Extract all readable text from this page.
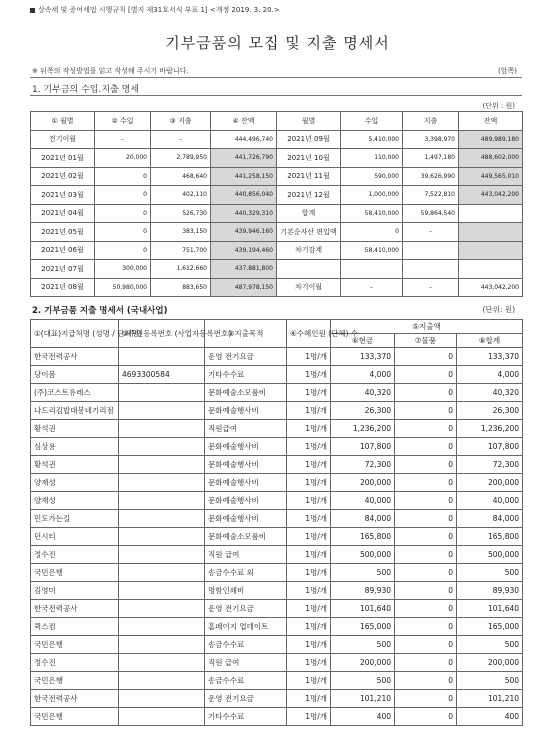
상속세 및 증여세법 시행규칙 [별지 제31호서식 부표 1] <개정 2019. 3. 20.>
기부금품의 모집 및 지출 명세서
※ 뒤쪽의 작성방법을 읽고 작성해 주시기 바랍니다.	(앞쪽)
1. 기부금의 수입.지출 명세
(단위 : 원)
① 월별	② 수입	③ 지출	④ 잔액	월별	수입	지출	잔액
전기이월	–	–	444,496,740	2021년 09월	5,410,000	3,398,970	489,989,180
2021년 01월	20,000	2,789,950	441,726,790	2021년 10월	110,000	1,497,180	488,602,000
2021년 02월	0	468,640	441,258,150	2021년 11월	590,000	39,626,990	449,565,010
2021년 03월	0	402,110	440,856,040	2021년 12월	1,000,000	7,522,810	443,042,200
2021년 04월	0	526,730	440,329,310	합계	58,410,000	59,864,540	
2021년 05월	0	383,150	439,946,160	기본순자산 편입액	0	–	
2021년 06월	0	751,700	439,194,460	차기감계	58,410,000		
2021년 07월	300,000	1,612,660	437,881,800				
2021년 08월	50,980,000	883,650	487,978,150	차기이월	–	–	443,042,200
2. 기부금품 지출 명세서 (국내사업)	(단위: 원)
①(대표)지급처명 (성명 / 단체명)	②주민등록번호 (사업자등록번호)	③지출목적	④수혜인원 (단체) 수	⑤지출액		
				⑥현금	⑦물품	⑧합계
한국전력공사		운영 전기요금	1명/개	133,370	0	133,370
당이봄	4693300584	기타수수료	1명/개	4,000	0	4,000
(주)코스트유레스		문화예술소모품비	1명/개	40,320	0	40,320
나드리김밥대봉네기리점		문화예술행사비	1명/개	26,300	0	26,300
황석권		직원급여	1명/개	1,236,200	0	1,236,200
심상용		문화예술행사비	1명/개	107,800	0	107,800
황석권		문화예술행사비	1명/개	72,300	0	72,300
양재성		문화예술행사비	1명/개	200,000	0	200,000
양재성		문화예술행사비	1명/개	40,000	0	40,000
민도가는길		문화예술행사비	1명/개	84,000	0	84,000
던시티		문화예술소모품비	1명/개	165,800	0	165,800
정수진		직원 급여	1명/개	500,000	0	500,000
국민은행		송금수수료 외	1명/개	500	0	500
김영미		명함인쇄비	1명/개	89,930	0	89,930
한국전력공사		운영 전기요금	1명/개	101,640	0	101,640
퀵스컴		홈페이지 업데이트	1명/개	165,000	0	165,000
국민은행		송금수수료	1명/개	500	0	500
정수진		직원 급여	1명/개	200,000	0	200,000
국민은행		송금수수료	1명/개	500	0	500
한국전력공사		운영 전기요금	1명/개	101,210	0	101,210
국민은행		기타수수료	1명/개	400	0	400
